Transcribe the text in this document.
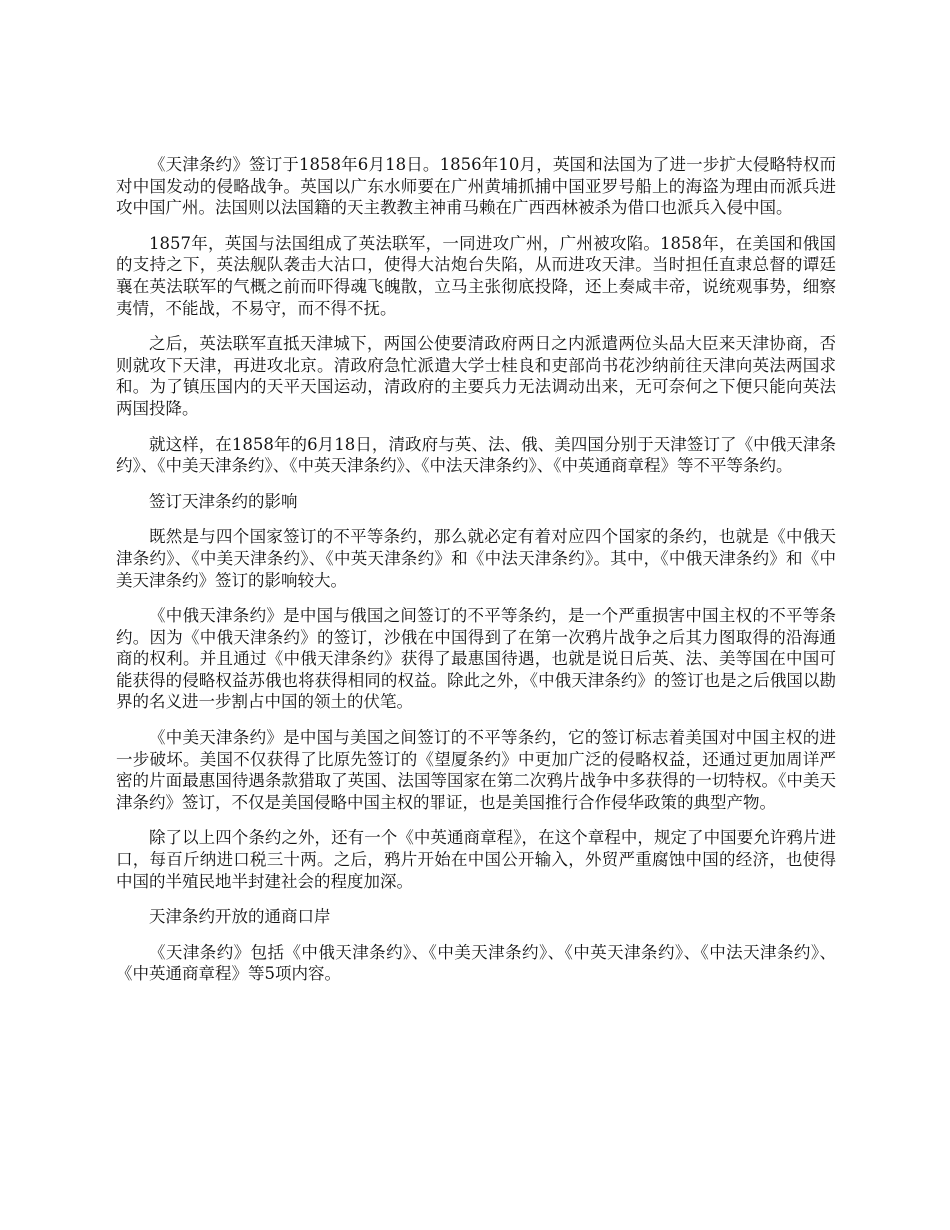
《天津条约》签订于1858年6月18日。1856年10月，英国和法国为了进一步扩大侵略特权而对中国发动的侵略战争。英国以广东水师要在广州黄埔抓捕中国亚罗号船上的海盗为理由而派兵进攻中国广州。法国则以法国籍的天主教教主神甫马赖在广西西林被杀为借口也派兵入侵中国。

1857年，英国与法国组成了英法联军，一同进攻广州，广州被攻陷。1858年，在美国和俄国的支持之下，英法舰队袭击大沽口，使得大沽炮台失陷，从而进攻天津。当时担任直隶总督的谭廷襄在英法联军的气概之前而吓得魂飞魄散，立马主张彻底投降，还上奏咸丰帝，说统观事势，细察夷情，不能战，不易守，而不得不抚。

之后，英法联军直抵天津城下，两国公使要清政府两日之内派遣两位头品大臣来天津协商，否则就攻下天津，再进攻北京。清政府急忙派遣大学士桂良和吏部尚书花沙纳前往天津向英法两国求和。为了镇压国内的天平天国运动，清政府的主要兵力无法调动出来，无可奈何之下便只能向英法两国投降。

就这样，在1858年的6月18日，清政府与英、法、俄、美四国分别于天津签订了《中俄天津条约》、《中美天津条约》、《中英天津条约》、《中法天津条约》、《中英通商章程》等不平等条约。

签订天津条约的影响

既然是与四个国家签订的不平等条约，那么就必定有着对应四个国家的条约，也就是《中俄天津条约》、《中美天津条约》、《中英天津条约》和《中法天津条约》。其中，《中俄天津条约》和《中美天津条约》签订的影响较大。

《中俄天津条约》是中国与俄国之间签订的不平等条约，是一个严重损害中国主权的不平等条约。因为《中俄天津条约》的签订，沙俄在中国得到了在第一次鸦片战争之后其力图取得的沿海通商的权利。并且通过《中俄天津条约》获得了最惠国待遇，也就是说日后英、法、美等国在中国可能获得的侵略权益苏俄也将获得相同的权益。除此之外，《中俄天津条约》的签订也是之后俄国以勘界的名义进一步割占中国的领土的伏笔。

《中美天津条约》是中国与美国之间签订的不平等条约，它的签订标志着美国对中国主权的进一步破坏。美国不仅获得了比原先签订的《望厦条约》中更加广泛的侵略权益，还通过更加周详严密的片面最惠国待遇条款猎取了英国、法国等国家在第二次鸦片战争中多获得的一切特权。《中美天津条约》签订，不仅是美国侵略中国主权的罪证，也是美国推行合作侵华政策的典型产物。

除了以上四个条约之外，还有一个《中英通商章程》，在这个章程中，规定了中国要允许鸦片进口，每百斤纳进口税三十两。之后，鸦片开始在中国公开输入，外贸严重腐蚀中国的经济，也使得中国的半殖民地半封建社会的程度加深。

天津条约开放的通商口岸

《天津条约》包括《中俄天津条约》、《中美天津条约》、《中英天津条约》、《中法天津条约》、《中英通商章程》等5项内容。
